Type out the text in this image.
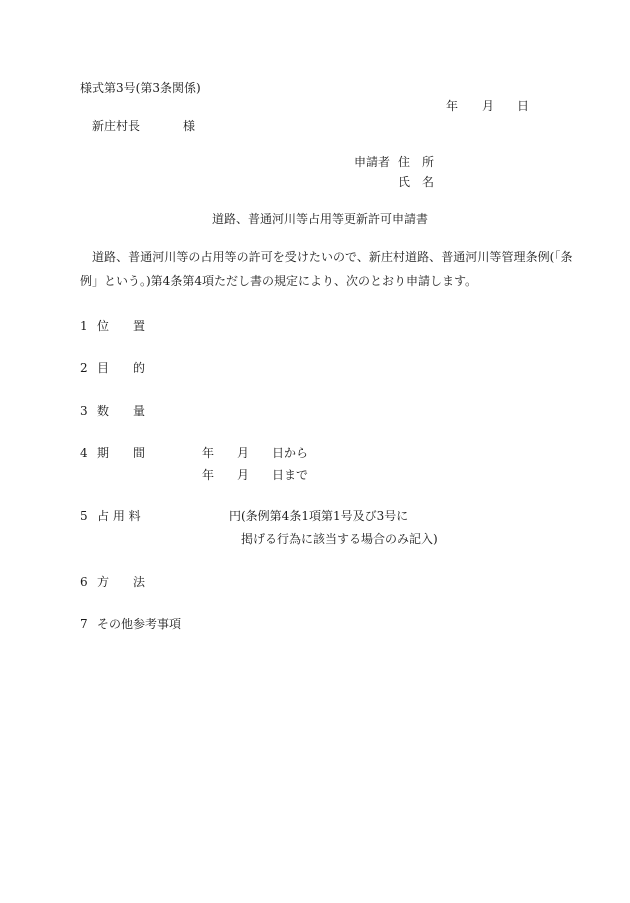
様式第3号(第3条関係)
年 月 日
新庄村長	様
申請者 住　所
氏　名
道路、普通河川等占用等更新許可申請書
道路、普通河川等の占用等の許可を受けたいので、新庄村道路、普通河川等管理条例(「条
例」という。)第4条第4項ただし書の規定により、次のとおり申請します。
1 位　　置
2 目　　的
3 数　　量
4 期　　間	年 月 日から
年 月 日まで
5 占 用 料	円(条例第4条1項第1号及び3号に
掲げる行為に該当する場合のみ記入)
6 方　　法
7 その他参考事項
